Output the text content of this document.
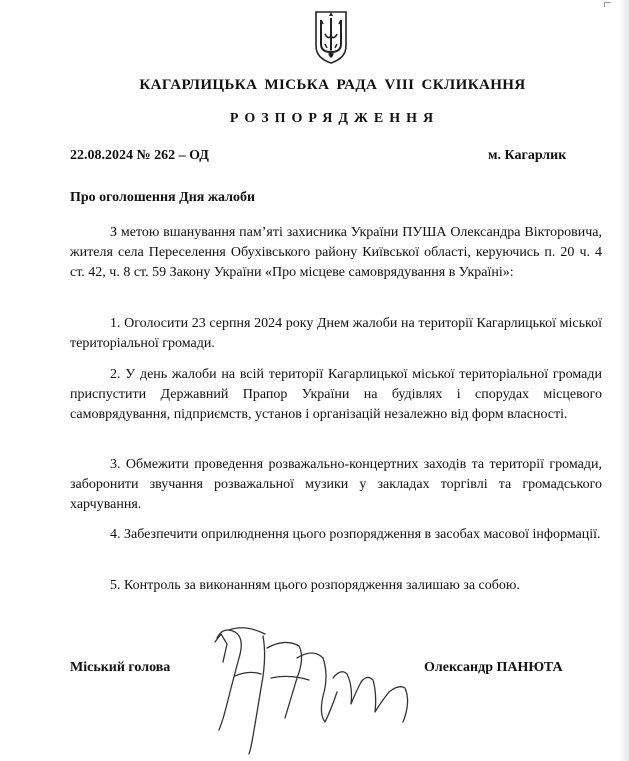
КАГАРЛИЦЬКА МІСЬКА РАДА VIII СКЛИКАННЯ
РОЗПОРЯДЖЕННЯ
22.08.2024 № 262 – ОД	м. Кагарлик
Про оголошення Дня жалоби

З метою вшанування пам’яті захисника України ПУША Олександра Вікторовича, жителя села Переселення Обухівського району Київської області, керуючись п. 20 ч. 4 ст. 42, ч. 8 ст. 59 Закону України «Про місцеве самоврядування в Україні»:

1. Оголосити 23 серпня 2024 року Днем жалоби на території Кагарлицької міської територіальної громади.

2. У день жалоби на всій території Кагарлицької міської територіальної громади приспустити Державний Прапор України на будівлях і спорудах місцевого самоврядування, підприємств, установ і організацій незалежно від форм власності.

3. Обмежити проведення розважально-концертних заходів та території громади, заборонити звучання розважальної музики у закладах торгівлі та громадського харчування.

4. Забезпечити оприлюднення цього розпорядження в засобах масової інформації.

5. Контроль за виконанням цього розпорядження залишаю за собою.

Міський голова	Олександр ПАНЮТА
